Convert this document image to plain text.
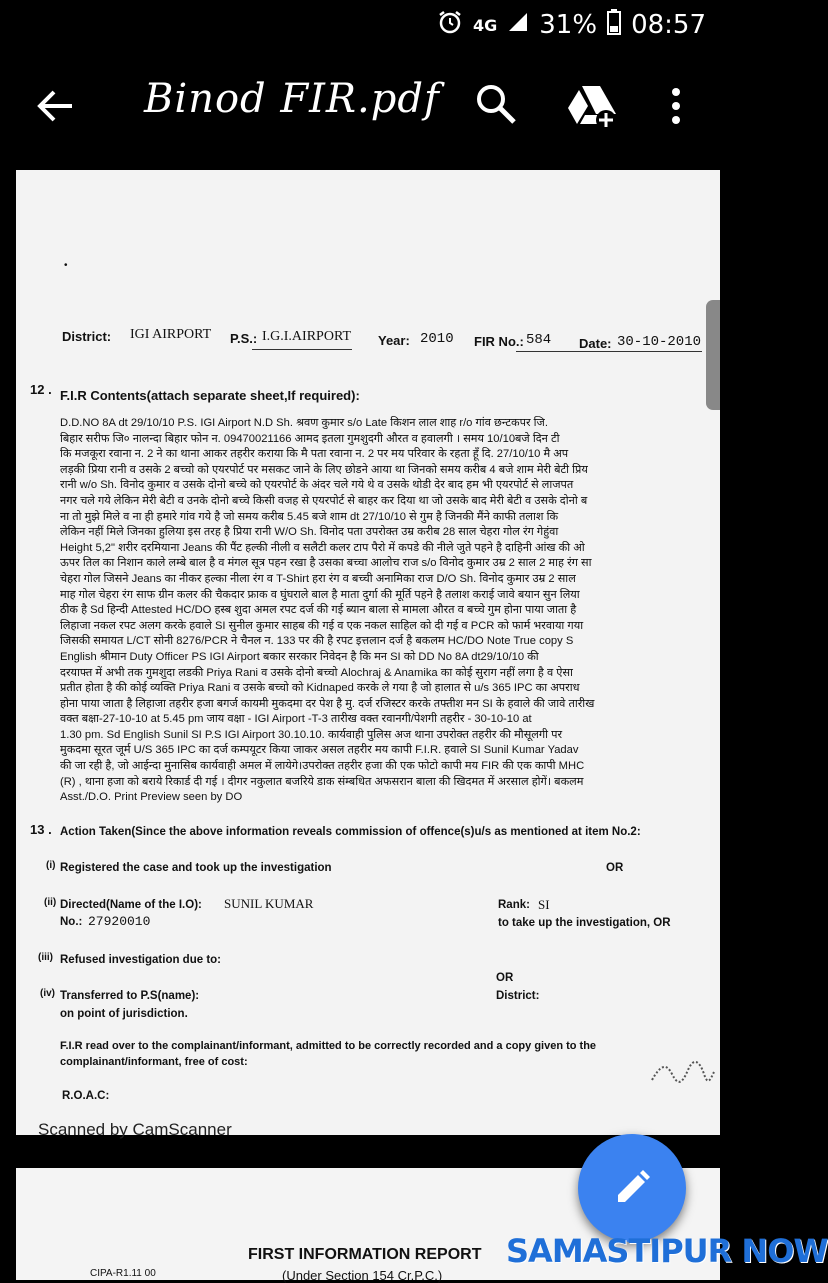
4G 31% 08:57
Binod FIR.pdf
•
District: IGI AIRPORT P.S.: I.G.I.AIRPORT Year: 2010 FIR No.: 584 Date: 30-10-2010
12 . F.I.R Contents(attach separate sheet,If required):
D.D.NO 8A dt 29/10/10 P.S. IGI Airport N.D Sh. श्रवण कुमार s/o Late किशन लाल शाह r/o गांव छन्टकपर जि.
बिहार सरीफ जि० नालन्दा बिहार फोन न. 09470021166 आमद इतला गुमशुदगी औरत व हवालगी । समय 10/10बजे दिन टी
कि मजकूरा रवाना न. 2 ने का थाना आकर तहरीर कराया कि मै पता रवाना न. 2 पर मय परिवार के रहता हूँ दि. 27/10/10 मै अप
लड़की प्रिया रानी व उसके 2 बच्चो को एयरपोर्ट पर मसकट जाने के लिए छोडने आया था जिनको समय करीब 4 बजे शाम मेरी बेटी प्रिय
रानी w/o Sh. विनोद कुमार व उसके दोनो बच्चे को एयरपोर्ट के अंदर चले गये थे व उसके थोडी देर बाद हम भी एयरपोर्ट से लाजपत
नगर चले गये लेकिन मेरी बेटी व उनके दोनो बच्चे किसी वजह से एयरपोर्ट से बाहर कर दिया था जो उसके बाद मेरी बेटी व उसके दोनो ब
ना तो मुझे मिले व ना ही हमारे गांव गये है जो समय करीब 5.45 बजे शाम dt 27/10/10 से गुम है जिनकी मैंने काफी तलाश कि
लेकिन नहीं मिले जिनका हुलिया इस तरह है प्रिया रानी W/O Sh. विनोद पता उपरोक्त उम्र करीब 28 साल चेहरा गोल रंग गेहुंवा
Height 5,2" शरीर दरमियाना Jeans की पैंट हल्की नीली व सलैटी कलर टाप पैरो में कपडे की नीले जुते पहने है दाहिनी आंख की ओ
ऊपर तिल का निशान काले लम्बे बाल है व मंगल सूत्र पहन रखा है उसका बच्चा आलोच राज s/o विनोद कुमार उम्र 2 साल 2 माह रंग सा
चेहरा गोल जिसने Jeans का नीकर हल्का नीला रंग व T-Shirt हरा रंग व बच्ची अनामिका राज D/O Sh. विनोद कुमार उम्र 2 साल
माह गोल चेहरा रंग साफ ग्रीन कलर की चैकदार फ्राक व घुंघराले बाल है माता दुर्गा की मूर्ति पहने है तलाश कराई जावे बयान सुन लिया
ठीक है Sd हिन्दी Attested HC/DO हस्ब शुदा अमल रपट दर्ज की गई ब्यान बाला से मामला औरत व बच्चे गुम होना पाया जाता है
लिहाजा नकल रपट अलग करके हवाले SI सुनील कुमार साहब की गई व एक नकल साहिल को दी गई व PCR को फार्म भरवाया गया
जिसकी समायत L/CT सोनी 8276/PCR ने चैनल न. 133 पर की है रपट इत्तलान दर्ज है बकलम HC/DO Note True copy S
English श्रीमान Duty Officer PS IGI Airport बकार सरकार निवेदन है कि मन SI को DD No 8A dt29/10/10 की
दरयाफ्त में अभी तक गुमशुदा लडकी Priya Rani व उसके दोनो बच्चो Alochraj & Anamika का कोई सुराग नहीं लगा है व ऐसा
प्रतीत होता है की कोई व्यक्ति Priya Rani व उसके बच्चो को Kidnaped करके ले गया है जो हालात से u/s 365 IPC का अपराध
होना पाया जाता है लिहाजा तहरीर हजा बगर्ज कायमी मुकदमा दर पेश है मु. दर्ज रजिस्टर करके तफ्तीश मन SI के हवाले की जावे तारीख
वक्त बक्षा-27-10-10 at 5.45 pm जाय वक्षा - IGI Airport -T-3 तारीख वक्त रवानगी/पेशगी तहरीर - 30-10-10 at
1.30 pm. Sd English Sunil SI P.S IGI Airport 30.10.10. कार्यवाही पुलिस अज थाना उपरोक्त तहरीर की मौसूलगी पर
मुकदमा सूरत जूर्म U/S 365 IPC का दर्ज कम्पयूटर किया जाकर असल तहरीर मय कापी F.I.R. हवाले SI Sunil Kumar Yadav
की जा रही है, जो आईन्दा मुनासिब कार्यवाही अमल में लायेगे।उपरोक्त तहरीर हजा की एक फोटो कापी मय FIR की एक कापी MHC
(R) , थाना हजा को बराये रिकार्ड दी गई । दीगर नकुलात बजरिये डाक संम्बधित अफसरान बाला की खिदमत में अरसाल होगें। बकलम
Asst./D.O. Print Preview seen by DO
13 . Action Taken(Since the above information reveals commission of offence(s)u/s as mentioned at item No.2:
(i) Registered the case and took up the investigation	OR
(ii) Directed(Name of the I.O): SUNIL KUMAR	Rank: SI
No.: 27920010	to take up the investigation, OR
(iii) Refused investigation due to:
OR
(iv) Transferred to P.S(name):	District:
on point of jurisdiction.
F.I.R read over to the complainant/informant, admitted to be correctly recorded and a copy given to the
complainant/informant, free of cost:
R.O.A.C:
Scanned by CamScanner
FIRST INFORMATION REPORT
(Under Section 154 Cr.P.C.)
CIPA-R1.11 00
SAMASTIPUR NOW
